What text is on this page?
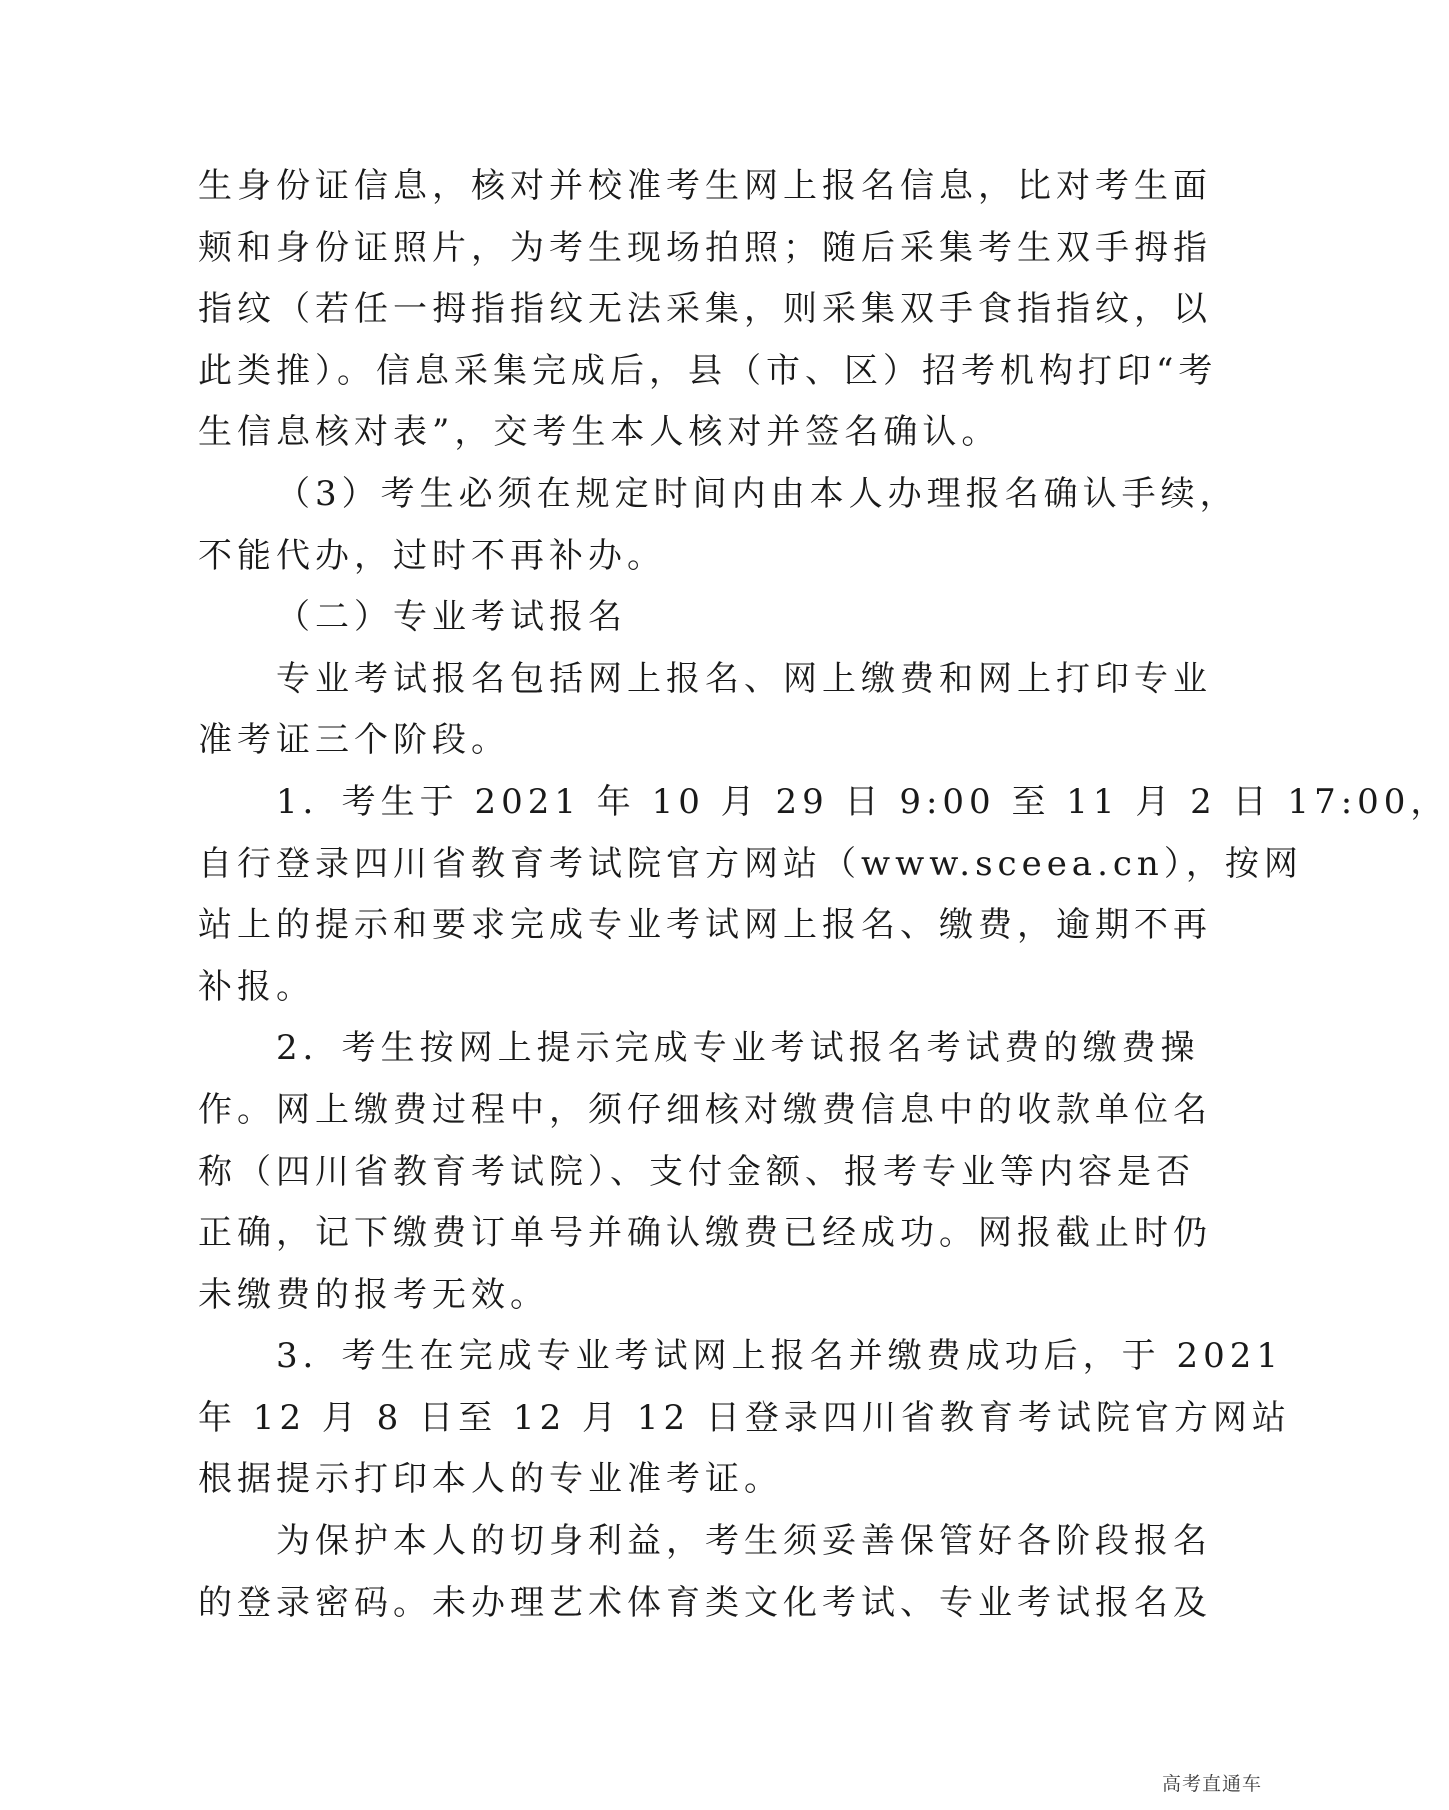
生身份证信息，核对并校准考生网上报名信息，比对考生面
颊和身份证照片，为考生现场拍照；随后采集考生双手拇指
指纹（若任一拇指指纹无法采集，则采集双手食指指纹，以
此类推）。信息采集完成后，县（市、区）招考机构打印“考
生信息核对表”，交考生本人核对并签名确认。
（3）考生必须在规定时间内由本人办理报名确认手续，
不能代办，过时不再补办。
（二）专业考试报名
专业考试报名包括网上报名、网上缴费和网上打印专业
准考证三个阶段。
1．考生于 2021 年 10 月 29 日 9:00 至 11 月 2 日 17:00，
自行登录四川省教育考试院官方网站（www.sceea.cn），按网
站上的提示和要求完成专业考试网上报名、缴费，逾期不再
补报。
2．考生按网上提示完成专业考试报名考试费的缴费操
作。网上缴费过程中，须仔细核对缴费信息中的收款单位名
称（四川省教育考试院）、支付金额、报考专业等内容是否
正确，记下缴费订单号并确认缴费已经成功。网报截止时仍
未缴费的报考无效。
3．考生在完成专业考试网上报名并缴费成功后，于 2021
年 12 月 8 日至 12 月 12 日登录四川省教育考试院官方网站
根据提示打印本人的专业准考证。
为保护本人的切身利益，考生须妥善保管好各阶段报名
的登录密码。未办理艺术体育类文化考试、专业考试报名及
高考直通车
